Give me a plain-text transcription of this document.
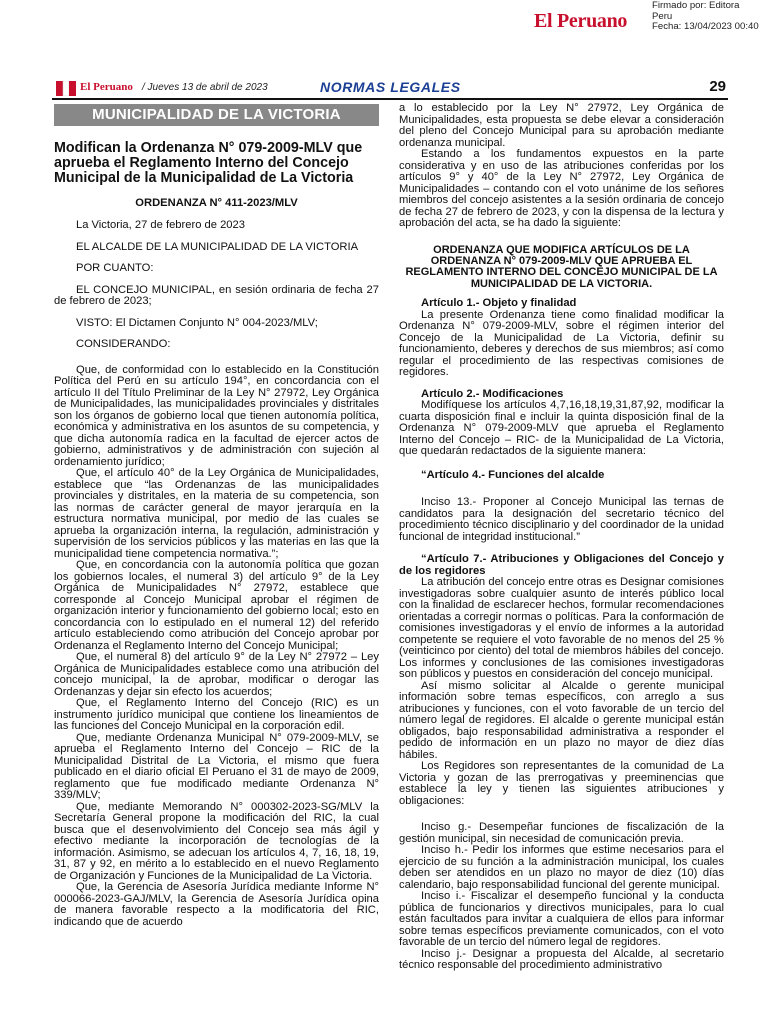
El Peruano
Firmado por: Editora
Peru
Fecha: 13/04/2023 00:40
El Peruano / Jueves 13 de abril de 2023	NORMAS LEGALES	29
MUNICIPALIDAD DE LA VICTORIA
Modifican la Ordenanza N° 079-2009-MLV que aprueba el Reglamento Interno del Concejo Municipal de la Municipalidad de La Victoria
ORDENANZA N° 411-2023/MLV

La Victoria, 27 de febrero de 2023

EL ALCALDE DE LA MUNICIPALIDAD DE LA VICTORIA

POR CUANTO:

EL CONCEJO MUNICIPAL, en sesión ordinaria de fecha 27 de febrero de 2023;

VISTO: El Dictamen Conjunto N° 004-2023/MLV;

CONSIDERANDO:

Que, de conformidad con lo establecido en la Constitución Política del Perú en su artículo 194°, en concordancia con el artículo II del Título Preliminar de la Ley N° 27972, Ley Orgánica de Municipalidades, las municipalidades provinciales y distritales son los órganos de gobierno local que tienen autonomía política, económica y administrativa en los asuntos de su competencia, y que dicha autonomía radica en la facultad de ejercer actos de gobierno, administrativos y de administración con sujeción al ordenamiento jurídico;

Que, el artículo 40° de la Ley Orgánica de Municipalidades, establece que “las Ordenanzas de las municipalidades provinciales y distritales, en la materia de su competencia, son las normas de carácter general de mayor jerarquía en la estructura normativa municipal, por medio de las cuales se aprueba la organización interna, la regulación, administración y supervisión de los servicios públicos y las materias en las que la municipalidad tiene competencia normativa.”;

Que, en concordancia con la autonomía política que gozan los gobiernos locales, el numeral 3) del artículo 9° de la Ley Orgánica de Municipalidades N° 27972, establece que corresponde al Concejo Municipal aprobar el régimen de organización interior y funcionamiento del gobierno local; esto en concordancia con lo estipulado en el numeral 12) del referido artículo estableciendo como atribución del Concejo aprobar por Ordenanza el Reglamento Interno del Concejo Municipal;

Que, el numeral 8) del artículo 9° de la Ley N° 27972 – Ley Orgánica de Municipalidades establece como una atribución del concejo municipal, la de aprobar, modificar o derogar las Ordenanzas y dejar sin efecto los acuerdos;

Que, el Reglamento Interno del Concejo (RIC) es un instrumento jurídico municipal que contiene los lineamientos de las funciones del Concejo Municipal en la corporación edil.

Que, mediante Ordenanza Municipal N° 079-2009-MLV, se aprueba el Reglamento Interno del Concejo – RIC de la Municipalidad Distrital de La Victoria, el mismo que fuera publicado en el diario oficial El Peruano el 31 de mayo de 2009, reglamento que fue modificado mediante Ordenanza N° 339/MLV;

Que, mediante Memorando N° 000302-2023-SG/MLV la Secretaría General propone la modificación del RIC, la cual busca que el desenvolvimiento del Concejo sea más ágil y efectivo mediante la incorporación de tecnologías de la información. Asimismo, se adecuan los artículos 4, 7, 16, 18, 19, 31, 87 y 92, en mérito a lo establecido en el nuevo Reglamento de Organización y Funciones de la Municipalidad de La Victoria.

Que, la Gerencia de Asesoría Jurídica mediante Informe N° 000066-2023-GAJ/MLV, la Gerencia de Asesoría Jurídica opina de manera favorable respecto a la modificatoria del RIC, indicando que de acuerdo

a lo establecido por la Ley N° 27972, Ley Orgánica de Municipalidades, esta propuesta se debe elevar a consideración del pleno del Concejo Municipal para su aprobación mediante ordenanza municipal.

Estando a los fundamentos expuestos en la parte considerativa y en uso de las atribuciones conferidas por los artículos 9° y 40° de la Ley N° 27972, Ley Orgánica de Municipalidades – contando con el voto unánime de los señores miembros del concejo asistentes a la sesión ordinaria de concejo de fecha 27 de febrero de 2023, y con la dispensa de la lectura y aprobación del acta, se ha dado la siguiente:

ORDENANZA QUE MODIFICA ARTÍCULOS DE LA ORDENANZA N° 079-2009-MLV QUE APRUEBA EL REGLAMENTO INTERNO DEL CONCEJO MUNICIPAL DE LA MUNICIPALIDAD DE LA VICTORIA.

Artículo 1.- Objeto y finalidad

La presente Ordenanza tiene como finalidad modificar la Ordenanza N° 079-2009-MLV, sobre el régimen interior del Concejo de la Municipalidad de La Victoria, definir su funcionamiento, deberes y derechos de sus miembros; así como regular el procedimiento de las respectivas comisiones de regidores.

Artículo 2.- Modificaciones

Modifíquese los artículos 4,7,16,18,19,31,87,92, modificar la cuarta disposición final e incluir la quinta disposición final de la Ordenanza N° 079-2009-MLV que aprueba el Reglamento Interno del Concejo – RIC- de la Municipalidad de La Victoria, que quedarán redactados de la siguiente manera:

“Artículo 4.- Funciones del alcalde

Inciso 13.- Proponer al Concejo Municipal las ternas de candidatos para la designación del secretario técnico del procedimiento técnico disciplinario y del coordinador de la unidad funcional de integridad institucional.”

“Artículo 7.- Atribuciones y Obligaciones del Concejo y de los regidores

La atribución del concejo entre otras es Designar comisiones investigadoras sobre cualquier asunto de interés público local con la finalidad de esclarecer hechos, formular recomendaciones orientadas a corregir normas o políticas. Para la conformación de comisiones investigadoras y el envío de informes a la autoridad competente se requiere el voto favorable de no menos del 25 % (veinticinco por ciento) del total de miembros hábiles del concejo. Los informes y conclusiones de las comisiones investigadoras son públicos y puestos en consideración del concejo municipal.

Así mismo solicitar al Alcalde o gerente municipal información sobre temas específicos, con arreglo a sus atribuciones y funciones, con el voto favorable de un tercio del número legal de regidores. El alcalde o gerente municipal están obligados, bajo responsabilidad administrativa a responder el pedido de información en un plazo no mayor de diez días hábiles.

Los Regidores son representantes de la comunidad de La Victoria y gozan de las prerrogativas y preeminencias que establece la ley y tienen las siguientes atribuciones y obligaciones:

Inciso g.- Desempeñar funciones de fiscalización de la gestión municipal, sin necesidad de comunicación previa.

Inciso h.- Pedir los informes que estime necesarios para el ejercicio de su función a la administración municipal, los cuales deben ser atendidos en un plazo no mayor de diez (10) días calendario, bajo responsabilidad funcional del gerente municipal.

Inciso i.- Fiscalizar el desempeño funcional y la conducta pública de funcionarios y directivos municipales, para lo cual están facultados para invitar a cualquiera de ellos para informar sobre temas específicos previamente comunicados, con el voto favorable de un tercio del número legal de regidores.

Inciso j.- Designar a propuesta del Alcalde, al secretario técnico responsable del procedimiento administrativo
